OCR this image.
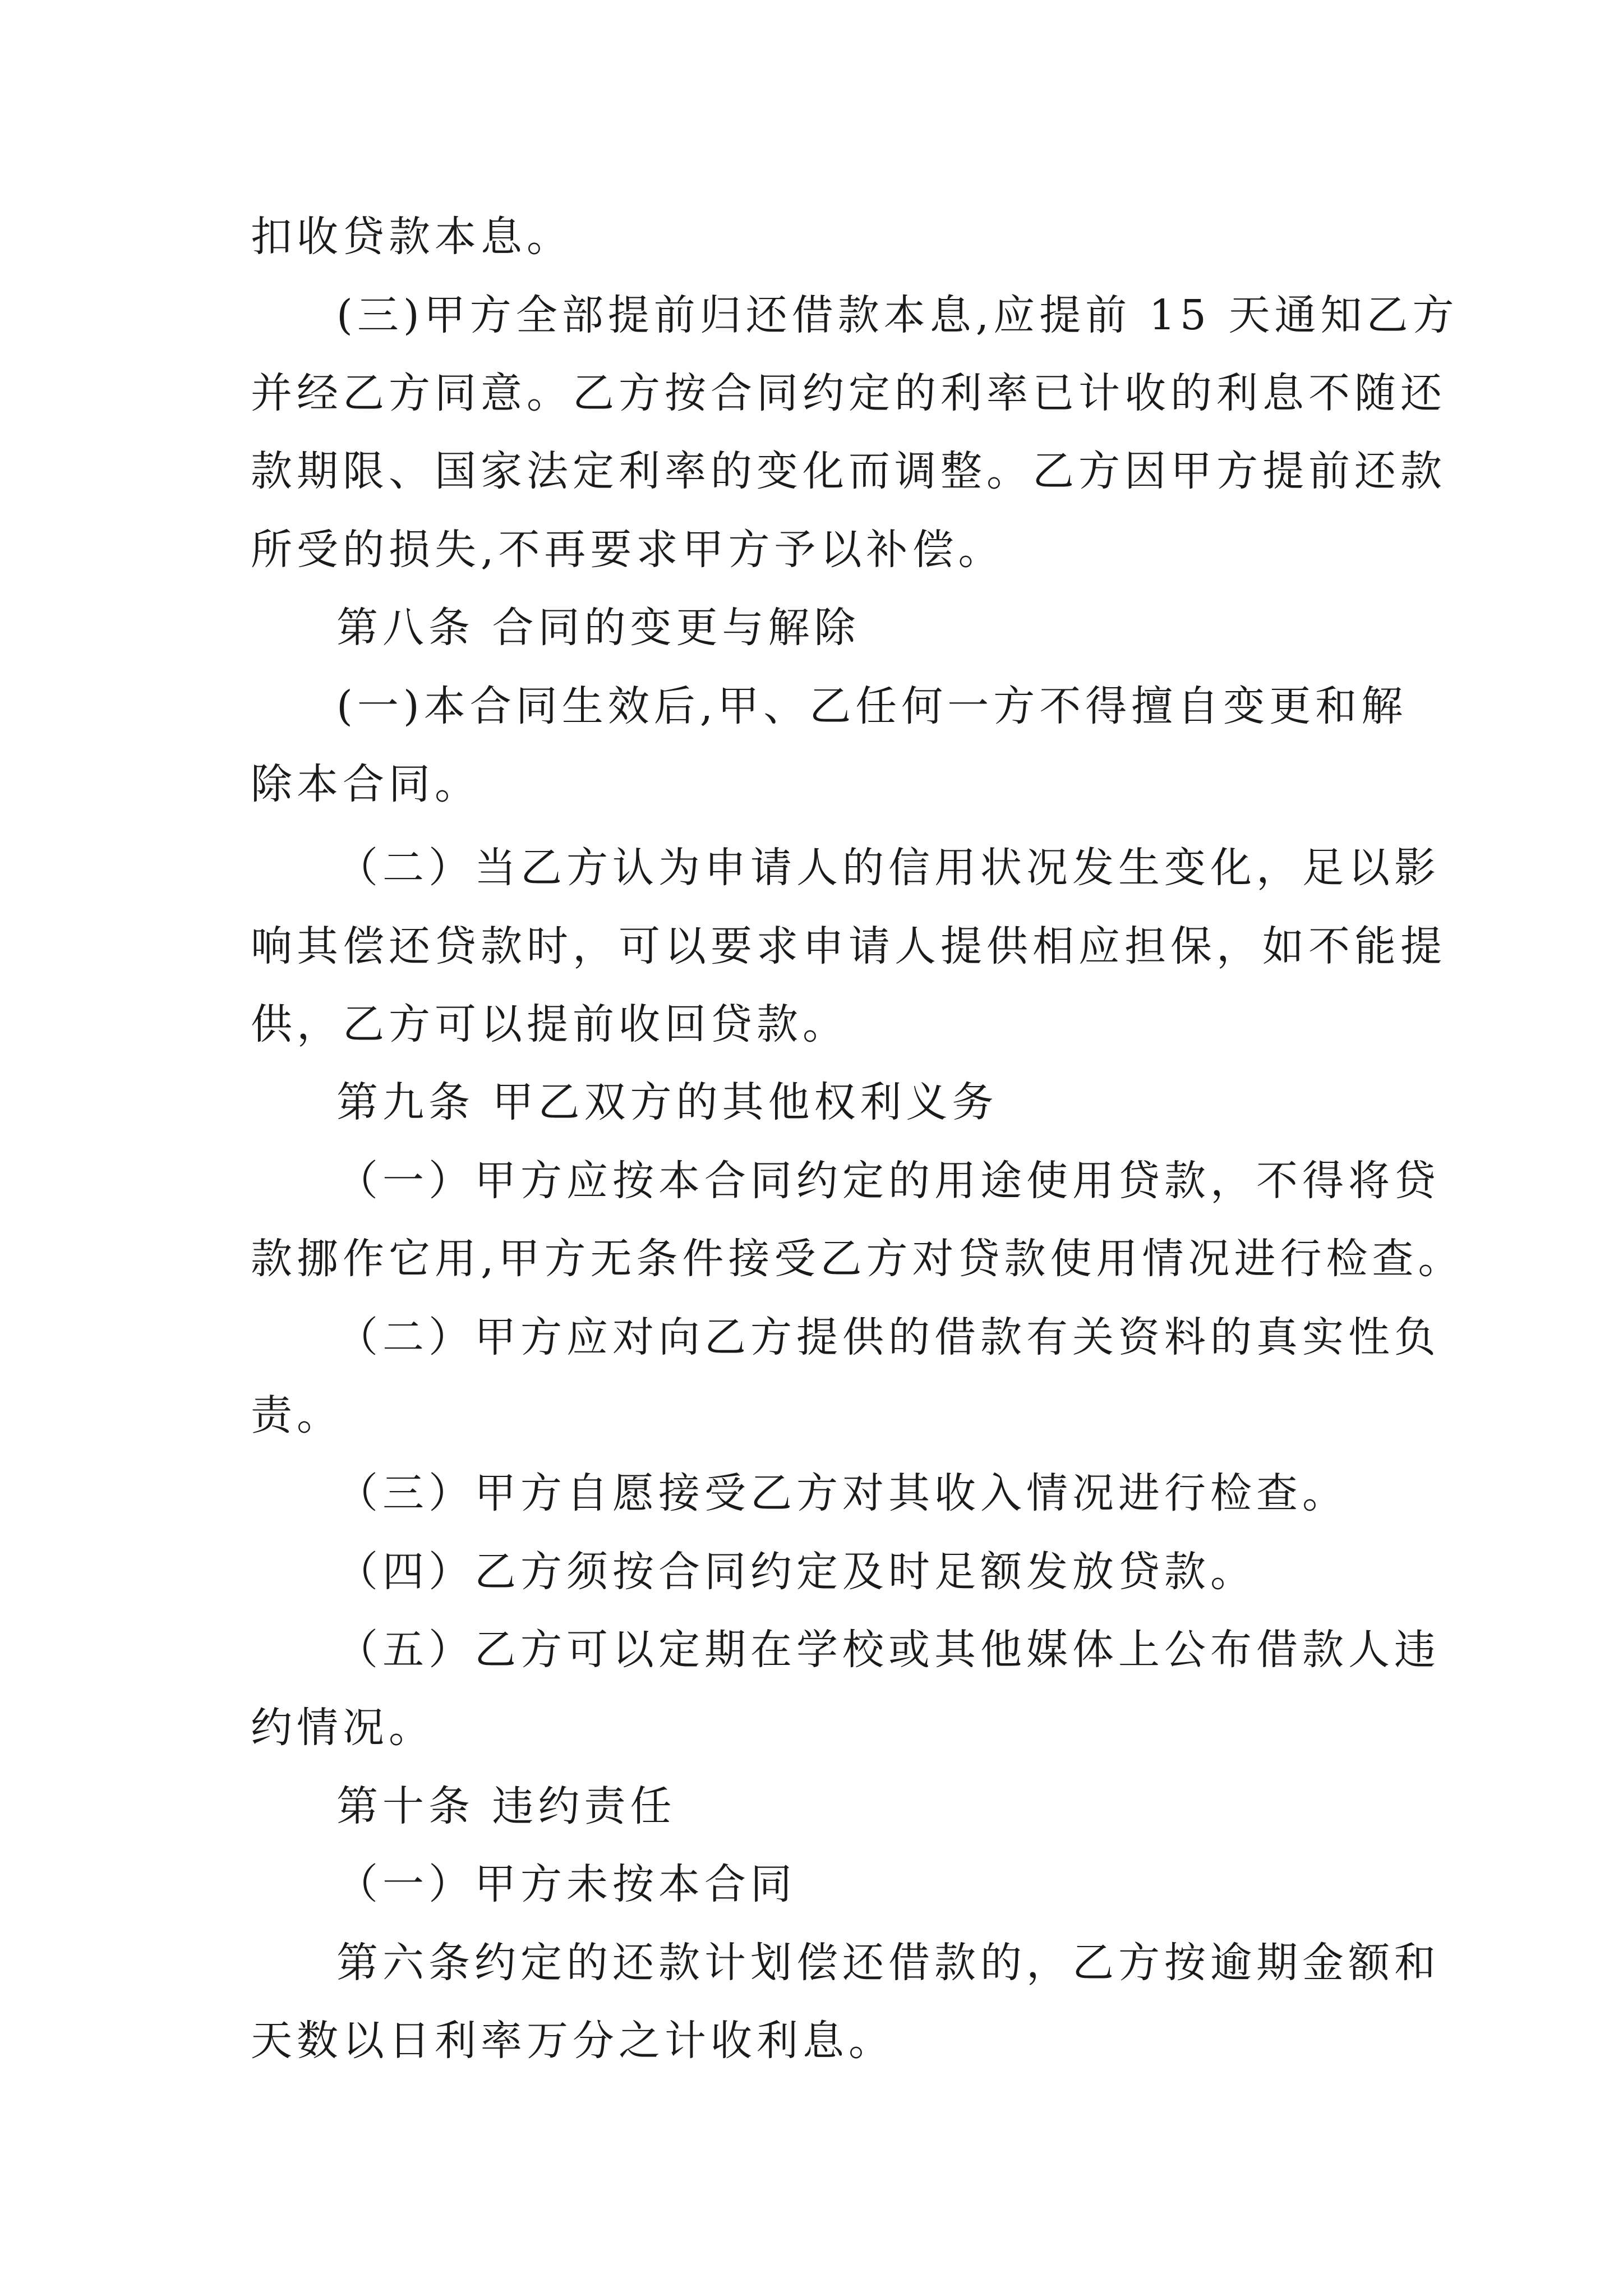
扣收贷款本息。

(三)甲方全部提前归还借款本息,应提前 15 天通知乙方

并经乙方同意。乙方按合同约定的利率已计收的利息不随还

款期限、国家法定利率的变化而调整。乙方因甲方提前还款

所受的损失,不再要求甲方予以补偿。

第八条 合同的变更与解除

(一)本合同生效后,甲、乙任何一方不得擅自变更和解

除本合同。

（二）当乙方认为申请人的信用状况发生变化，足以影

响其偿还贷款时，可以要求申请人提供相应担保，如不能提

供，乙方可以提前收回贷款。

第九条 甲乙双方的其他权利义务

（一）甲方应按本合同约定的用途使用贷款，不得将贷

款挪作它用,甲方无条件接受乙方对贷款使用情况进行检查。

（二）甲方应对向乙方提供的借款有关资料的真实性负

责。

（三）甲方自愿接受乙方对其收入情况进行检查。

（四）乙方须按合同约定及时足额发放贷款。

（五）乙方可以定期在学校或其他媒体上公布借款人违

约情况。

第十条 违约责任

（一）甲方未按本合同

第六条约定的还款计划偿还借款的，乙方按逾期金额和

天数以日利率万分之计收利息。
